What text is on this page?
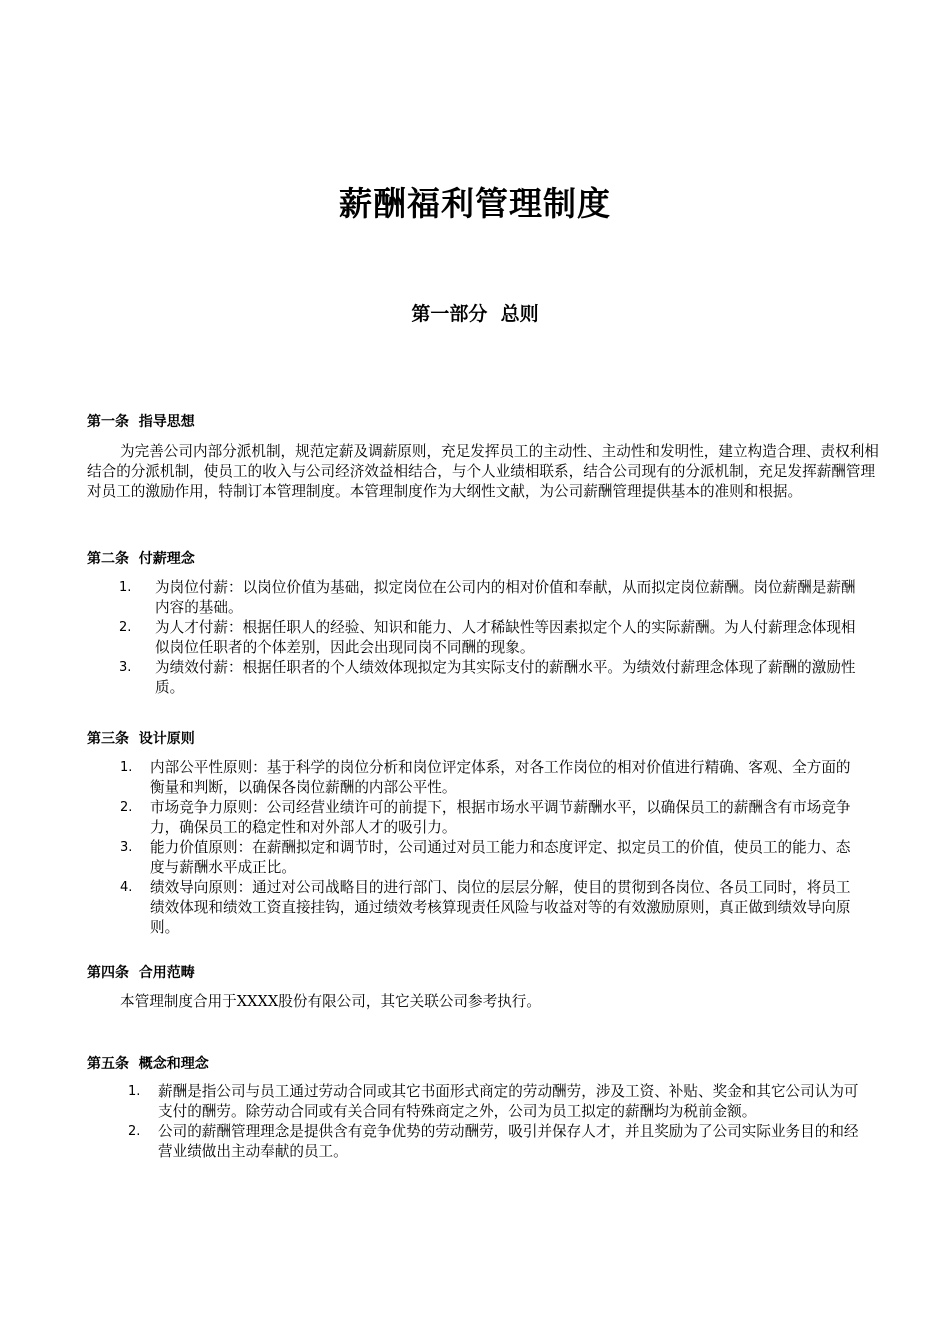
薪酬福利管理制度
第一部分  总则
第一条  指导思想
为完善公司内部分派机制，规范定薪及调薪原则，充足发挥员工的主动性、主动性和发明性，建立构造合理、责权利相结合的分派机制，使员工的收入与公司经济效益相结合，与个人业绩相联系，结合公司现有的分派机制，充足发挥薪酬管理对员工的激励作用，特制订本管理制度。本管理制度作为大纲性文献，为公司薪酬管理提供基本的准则和根据。
第二条  付薪理念
1.	为岗位付薪：以岗位价值为基础，拟定岗位在公司内的相对价值和奉献，从而拟定岗位薪酬。岗位薪酬是薪酬内容的基础。
2.	为人才付薪：根据任职人的经验、知识和能力、人才稀缺性等因素拟定个人的实际薪酬。为人付薪理念体现相似岗位任职者的个体差别，因此会出现同岗不同酬的现象。
3.	为绩效付薪：根据任职者的个人绩效体现拟定为其实际支付的薪酬水平。为绩效付薪理念体现了薪酬的激励性质。
第三条  设计原则
1.	内部公平性原则：基于科学的岗位分析和岗位评定体系，对各工作岗位的相对价值进行精确、客观、全方面的衡量和判断，以确保各岗位薪酬的内部公平性。
2.	市场竞争力原则：公司经营业绩许可的前提下，根据市场水平调节薪酬水平，以确保员工的薪酬含有市场竞争力，确保员工的稳定性和对外部人才的吸引力。
3.	能力价值原则：在薪酬拟定和调节时，公司通过对员工能力和态度评定、拟定员工的价值，使员工的能力、态度与薪酬水平成正比。
4.	绩效导向原则：通过对公司战略目的进行部门、岗位的层层分解，使目的贯彻到各岗位、各员工同时，将员工绩效体现和绩效工资直接挂钩，通过绩效考核算现责任风险与收益对等的有效激励原则，真正做到绩效导向原则。
第四条  合用范畴
本管理制度合用于XXXX股份有限公司，其它关联公司参考执行。
第五条  概念和理念
1.	薪酬是指公司与员工通过劳动合同或其它书面形式商定的劳动酬劳，涉及工资、补贴、奖金和其它公司认为可支付的酬劳。除劳动合同或有关合同有特殊商定之外，公司为员工拟定的薪酬均为税前金额。
2.	公司的薪酬管理理念是提供含有竞争优势的劳动酬劳，吸引并保存人才，并且奖励为了公司实际业务目的和经营业绩做出主动奉献的员工。
